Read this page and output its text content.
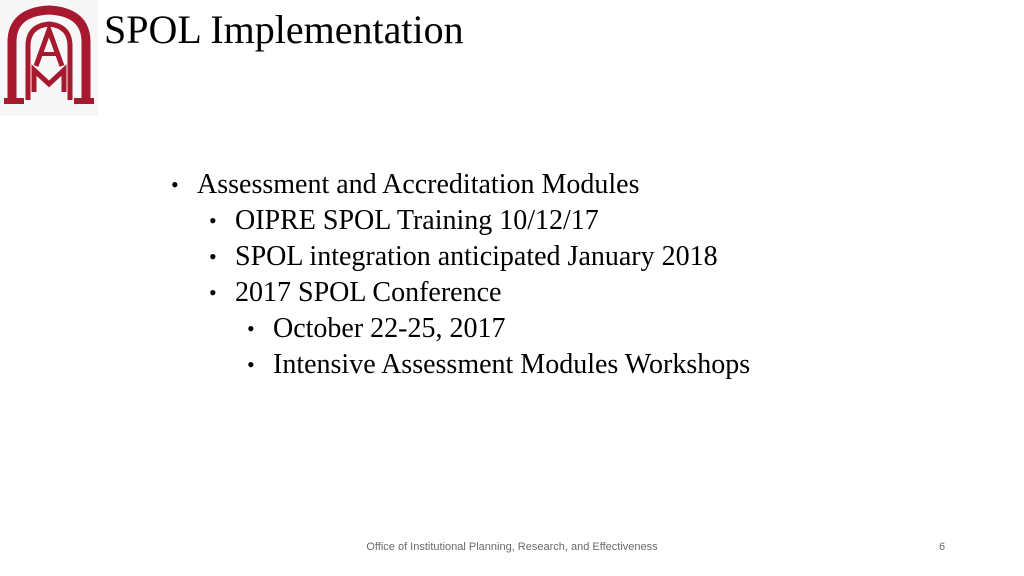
SPOL Implementation
• Assessment and Accreditation Modules
• OIPRE SPOL Training 10/12/17
• SPOL integration anticipated January 2018
• 2017 SPOL Conference
• October 22-25, 2017
• Intensive Assessment Modules Workshops
Office of Institutional Planning, Research, and Effectiveness	6
